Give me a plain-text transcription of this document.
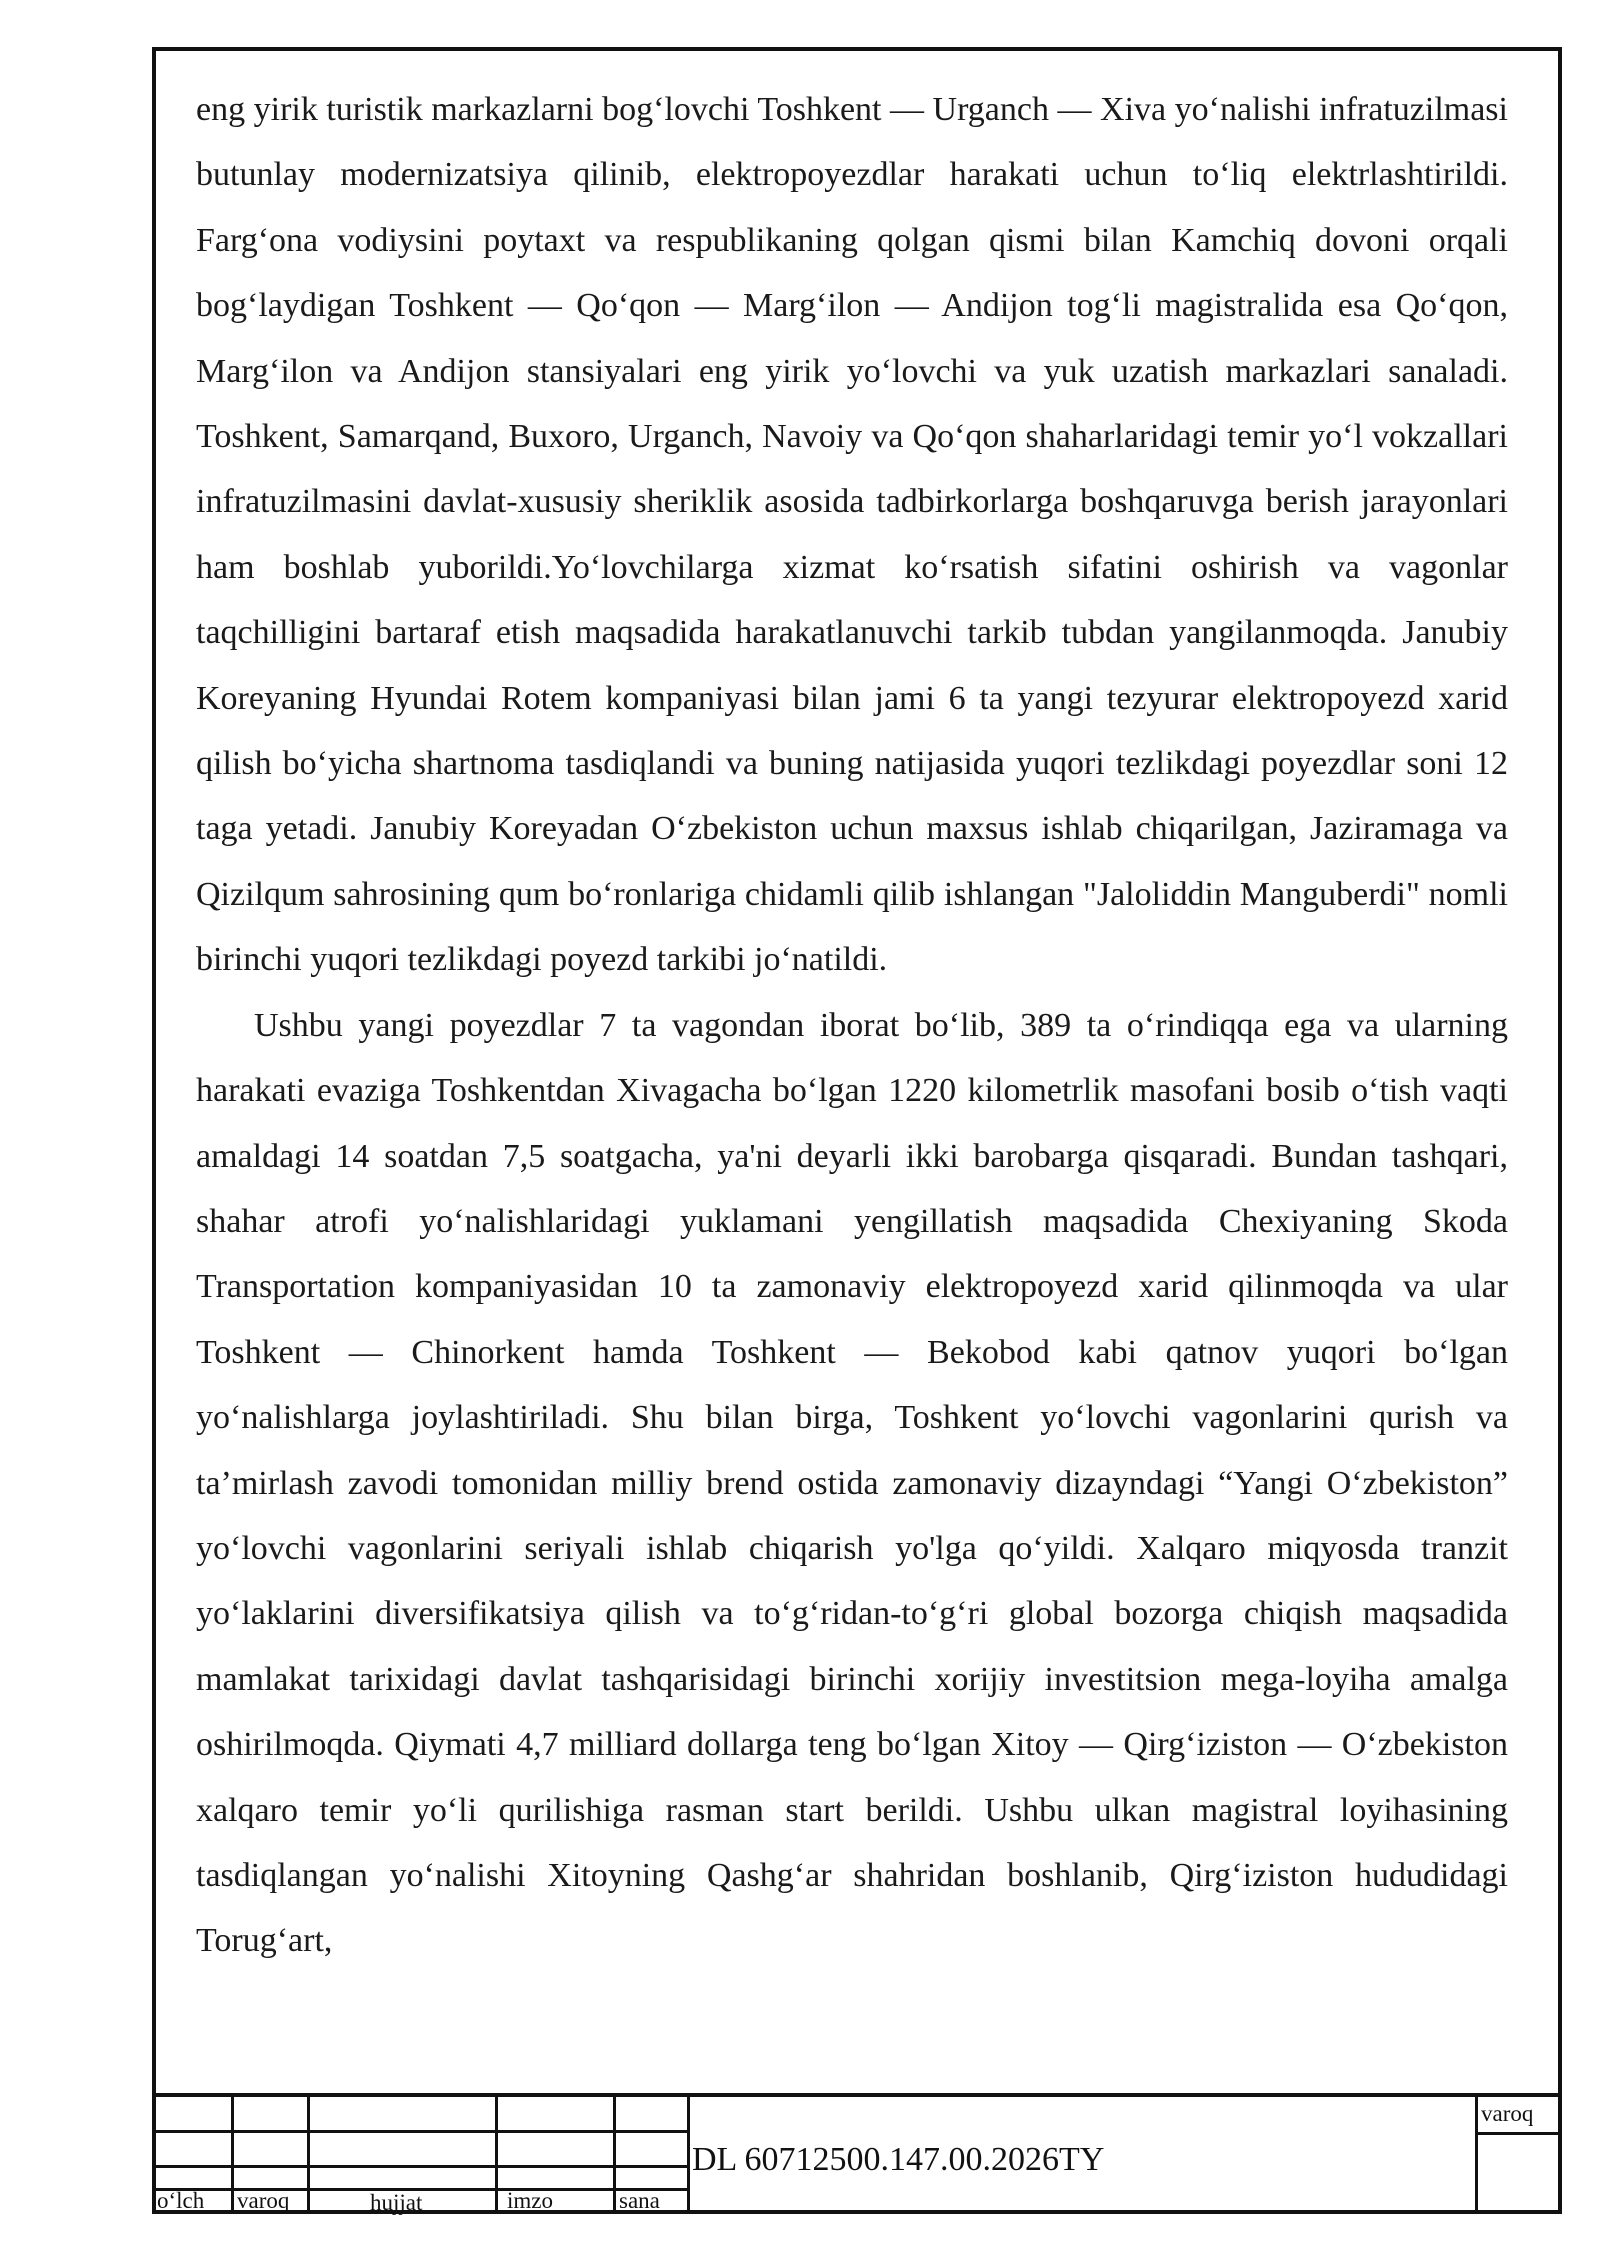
eng yirik turistik markazlarni bog‘lovchi Toshkent — Urganch — Xiva yo‘nalishi infratuzilmasi butunlay modernizatsiya qilinib, elektropoyezdlar harakati uchun to‘liq elektrlashtirildi. Farg‘ona vodiysini poytaxt va respublikaning qolgan qismi bilan Kamchiq dovoni orqali bog‘laydigan Toshkent — Qo‘qon — Marg‘ilon — Andijon tog‘li magistralida esa Qo‘qon, Marg‘ilon va Andijon stansiyalari eng yirik yo‘lovchi va yuk uzatish markazlari sanaladi. Toshkent, Samarqand, Buxoro, Urganch, Navoiy va Qo‘qon shaharlaridagi temir yo‘l vokzallari infratuzilmasini davlat-xususiy sheriklik asosida tadbirkorlarga boshqaruvga berish jarayonlari ham boshlab yuborildi.Yo‘lovchilarga xizmat ko‘rsatish sifatini oshirish va vagonlar taqchilligini bartaraf etish maqsadida harakatlanuvchi tarkib tubdan yangilanmoqda. Janubiy Koreyaning Hyundai Rotem kompaniyasi bilan jami 6 ta yangi tezyurar elektropoyezd xarid qilish bo‘yicha shartnoma tasdiqlandi va buning natijasida yuqori tezlikdagi poyezdlar soni 12 taga yetadi. Janubiy Koreyadan O‘zbekiston uchun maxsus ishlab chiqarilgan, Jaziramaga va Qizilqum sahrosining qum bo‘ronlariga chidamli qilib ishlangan "Jaloliddin Manguberdi" nomli birinchi yuqori tezlikdagi poyezd tarkibi jo‘natildi.

Ushbu yangi poyezdlar 7 ta vagondan iborat bo‘lib, 389 ta o‘rindiqqa ega va ularning harakati evaziga Toshkentdan Xivagacha bo‘lgan 1220 kilometrlik masofani bosib o‘tish vaqti amaldagi 14 soatdan 7,5 soatgacha, ya'ni deyarli ikki barobarga qisqaradi. Bundan tashqari, shahar atrofi yo‘nalishlaridagi yuklamani yengillatish maqsadida Chexiyaning Skoda Transportation kompaniyasidan 10 ta zamonaviy elektropoyezd xarid qilinmoqda va ular Toshkent — Chinorkent hamda Toshkent — Bekobod kabi qatnov yuqori bo‘lgan yo‘nalishlarga joylashtiriladi. Shu bilan birga, Toshkent yo‘lovchi vagonlarini qurish va ta’mirlash zavodi tomonidan milliy brend ostida zamonaviy dizayndagi “Yangi O‘zbekiston” yo‘lovchi vagonlarini seriyali ishlab chiqarish yo'lga qo‘yildi. Xalqaro miqyosda tranzit yo‘laklarini diversifikatsiya qilish va to‘g‘ridan-to‘g‘ri global bozorga chiqish maqsadida mamlakat tarixidagi davlat tashqarisidagi birinchi xorijiy investitsion mega-loyiha amalga oshirilmoqda. Qiymati 4,7 milliard dollarga teng bo‘lgan Xitoy — Qirg‘iziston — O‘zbekiston xalqaro temir yo‘li qurilishiga rasman start berildi. Ushbu ulkan magistral loyihasining tasdiqlangan yo‘nalishi Xitoyning Qashg‘ar shahridan boshlanib, Qirg‘iziston hududidagi Torug‘art,

o‘lch varoq	hujjat	imzo	sana
DL 60712500.147.00.2026TY
varoq
